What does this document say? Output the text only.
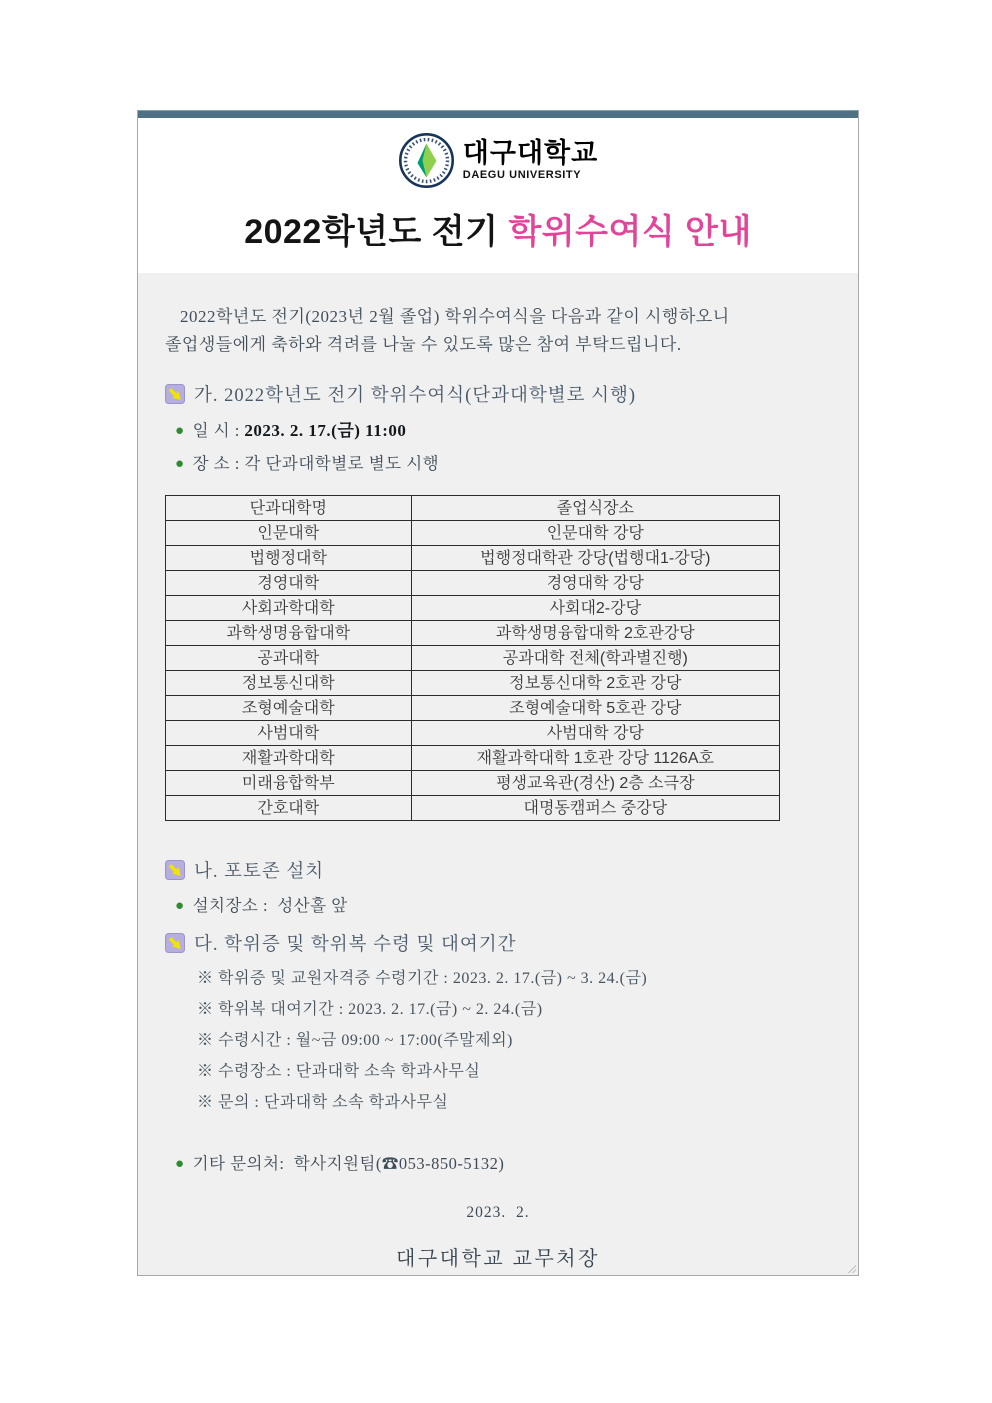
대구대학교
DAEGU UNIVERSITY
2022학년도 전기 학위수여식 안내
2022학년도 전기(2023년 2월 졸업) 학위수여식을 다음과 같이 시행하오니
졸업생들에게 축하와 격려를 나눌 수 있도록 많은 참여 부탁드립니다.
가. 2022학년도 전기 학위수여식(단과대학별로 시행)
● 일 시 : 2023. 2. 17.(금) 11:00
● 장 소 : 각 단과대학별로 별도 시행
단과대학명	졸업식장소
인문대학	인문대학 강당
법행정대학	법행정대학관 강당(법행대1-강당)
경영대학	경영대학 강당
사회과학대학	사회대2-강당
과학생명융합대학	과학생명융합대학 2호관강당
공과대학	공과대학 전체(학과별진행)
정보통신대학	정보통신대학 2호관 강당
조형예술대학	조형예술대학 5호관 강당
사범대학	사범대학 강당
재활과학대학	재활과학대학 1호관 강당 1126A호
미래융합학부	평생교육관(경산) 2층 소극장
간호대학	대명동캠퍼스 중강당
나. 포토존 설치
● 설치장소 :  성산홀 앞
다. 학위증 및 학위복 수령 및 대여기간
※ 학위증 및 교원자격증 수령기간 : 2023. 2. 17.(금) ~ 3. 24.(금)
※ 학위복 대여기간 : 2023. 2. 17.(금) ~ 2. 24.(금)
※ 수령시간 : 월~금 09:00 ~ 17:00(주말제외)
※ 수령장소 : 단과대학 소속 학과사무실
※ 문의 : 단과대학 소속 학과사무실
● 기타 문의처:  학사지원팀(☎053-850-5132)
2023.  2.
대구대학교 교무처장
